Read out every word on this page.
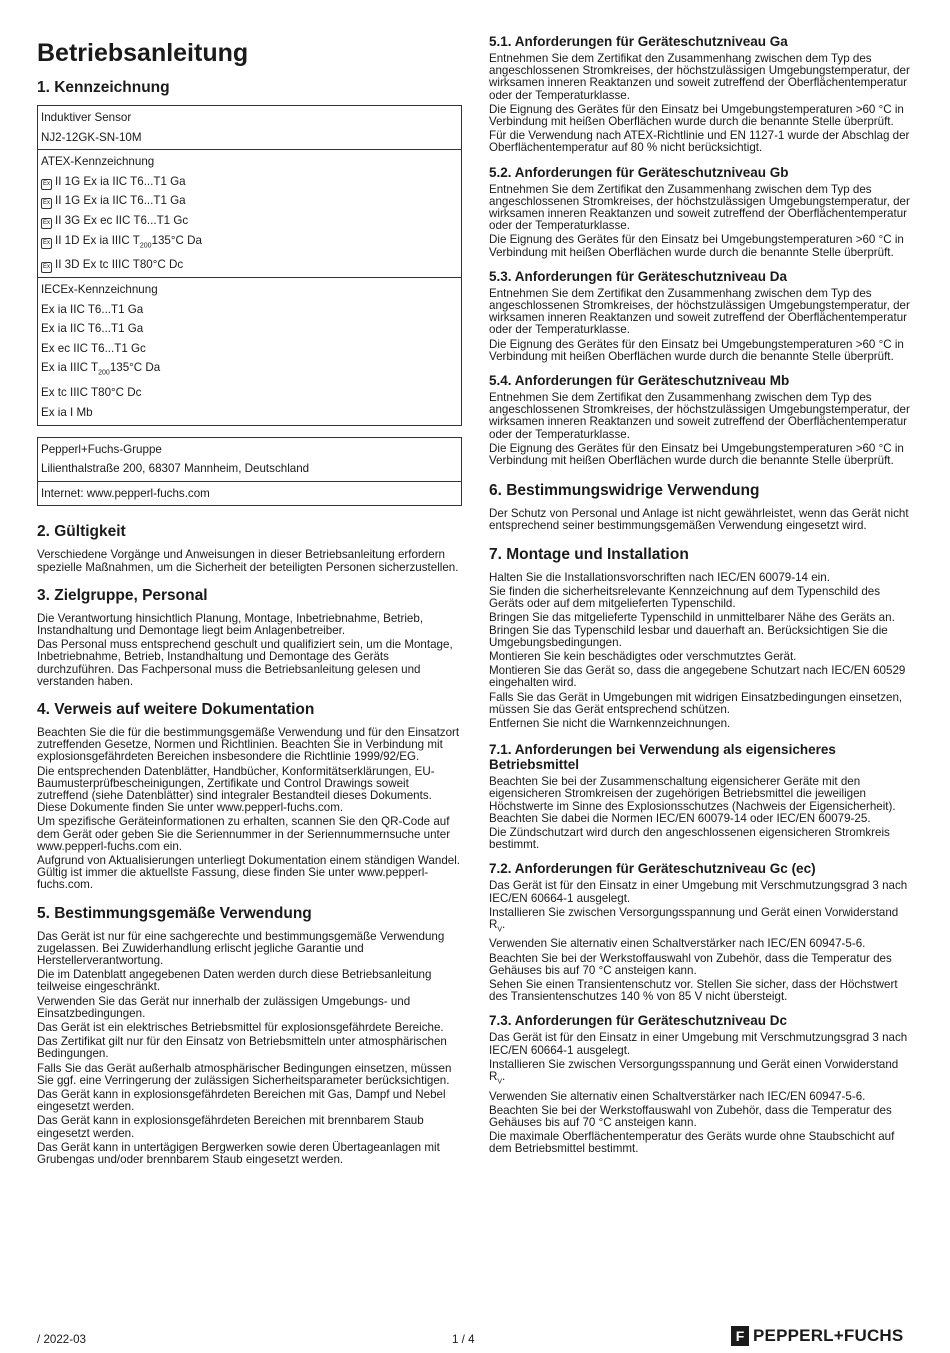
Betriebsanleitung
1. Kennzeichnung
Induktiver Sensor
NJ2-12GK-SN-10M
ATEX-Kennzeichnung
Ex II 1G Ex ia IIC T6...T1 Ga
Ex II 1G Ex ia IIC T6...T1 Ga
Ex II 3G Ex ec IIC T6...T1 Gc
Ex II 1D Ex ia IIIC $T_{200}135^\circ C$ Da
Ex II 3D Ex tc IIIC T80°C Dc
IECEx-Kennzeichnung
Ex ia IIC T6...T1 Ga
Ex ia IIC T6...T1 Ga
Ex ec IIC T6...T1 Gc
Ex ia IIIC $T_{200}135^\circ C$ Da
Ex tc IIIC T80°C Dc
Ex ia I Mb
Pepperl+Fuchs-Gruppe
Lilienthalstraße 200, 68307 Mannheim, Deutschland
Internet: www.pepperl-fuchs.com
2. Gültigkeit

Verschiedene Vorgänge und Anweisungen in dieser Betriebsanleitung erfordern spezielle Maßnahmen, um die Sicherheit der beteiligten Personen sicherzustellen.

3. Zielgruppe, Personal

Die Verantwortung hinsichtlich Planung, Montage, Inbetriebnahme, Betrieb, Instandhaltung und Demontage liegt beim Anlagenbetreiber.

Das Personal muss entsprechend geschult und qualifiziert sein, um die Montage, Inbetriebnahme, Betrieb, Instandhaltung und Demontage des Geräts durchzuführen. Das Fachpersonal muss die Betriebsanleitung gelesen und verstanden haben.

4. Verweis auf weitere Dokumentation

Beachten Sie die für die bestimmungsgemäße Verwendung und für den Einsatzort zutreffenden Gesetze, Normen und Richtlinien. Beachten Sie in Verbindung mit explosionsgefährdeten Bereichen insbesondere die Richtlinie 1999/92/EG.

Die entsprechenden Datenblätter, Handbücher, Konformitätserklärungen, EU-Baumusterprüfbescheinigungen, Zertifikate und Control Drawings soweit zutreffend (siehe Datenblätter) sind integraler Bestandteil dieses Dokuments. Diese Dokumente finden Sie unter www.pepperl-fuchs.com.

Um spezifische Geräteinformationen zu erhalten, scannen Sie den QR-Code auf dem Gerät oder geben Sie die Seriennummer in der Seriennummernsuche unter www.pepperl-fuchs.com ein.

Aufgrund von Aktualisierungen unterliegt Dokumentation einem ständigen Wandel. Gültig ist immer die aktuellste Fassung, diese finden Sie unter www.pepperl-fuchs.com.

5. Bestimmungsgemäße Verwendung

Das Gerät ist nur für eine sachgerechte und bestimmungsgemäße Verwendung zugelassen. Bei Zuwiderhandlung erlischt jegliche Garantie und Herstellerverantwortung.

Die im Datenblatt angegebenen Daten werden durch diese Betriebsanleitung teilweise eingeschränkt.

Verwenden Sie das Gerät nur innerhalb der zulässigen Umgebungs- und Einsatzbedingungen.

Das Gerät ist ein elektrisches Betriebsmittel für explosionsgefährdete Bereiche.

Das Zertifikat gilt nur für den Einsatz von Betriebsmitteln unter atmosphärischen Bedingungen.

Falls Sie das Gerät außerhalb atmosphärischer Bedingungen einsetzen, müssen Sie ggf. eine Verringerung der zulässigen Sicherheitsparameter berücksichtigen.

Das Gerät kann in explosionsgefährdeten Bereichen mit Gas, Dampf und Nebel eingesetzt werden.

Das Gerät kann in explosionsgefährdeten Bereichen mit brennbarem Staub eingesetzt werden.

Das Gerät kann in untertägigen Bergwerken sowie deren Übertageanlagen mit Grubengas und/oder brennbarem Staub eingesetzt werden.

5.1. Anforderungen für Geräteschutzniveau Ga

Entnehmen Sie dem Zertifikat den Zusammenhang zwischen dem Typ des angeschlossenen Stromkreises, der höchstzulässigen Umgebungstemperatur, der wirksamen inneren Reaktanzen und soweit zutreffend der Oberflächentemperatur oder der Temperaturklasse.

Die Eignung des Gerätes für den Einsatz bei Umgebungstemperaturen >60 °C in Verbindung mit heißen Oberflächen wurde durch die benannte Stelle überprüft.

Für die Verwendung nach ATEX-Richtlinie und EN 1127-1 wurde der Abschlag der Oberflächentemperatur auf 80 % nicht berücksichtigt.

5.2. Anforderungen für Geräteschutzniveau Gb

Entnehmen Sie dem Zertifikat den Zusammenhang zwischen dem Typ des angeschlossenen Stromkreises, der höchstzulässigen Umgebungstemperatur, der wirksamen inneren Reaktanzen und soweit zutreffend der Oberflächentemperatur oder der Temperaturklasse.

Die Eignung des Gerätes für den Einsatz bei Umgebungstemperaturen >60 °C in Verbindung mit heißen Oberflächen wurde durch die benannte Stelle überprüft.

5.3. Anforderungen für Geräteschutzniveau Da

Entnehmen Sie dem Zertifikat den Zusammenhang zwischen dem Typ des angeschlossenen Stromkreises, der höchstzulässigen Umgebungstemperatur, der wirksamen inneren Reaktanzen und soweit zutreffend der Oberflächentemperatur oder der Temperaturklasse.

Die Eignung des Gerätes für den Einsatz bei Umgebungstemperaturen >60 °C in Verbindung mit heißen Oberflächen wurde durch die benannte Stelle überprüft.

5.4. Anforderungen für Geräteschutzniveau Mb

Entnehmen Sie dem Zertifikat den Zusammenhang zwischen dem Typ des angeschlossenen Stromkreises, der höchstzulässigen Umgebungstemperatur, der wirksamen inneren Reaktanzen und soweit zutreffend der Oberflächentemperatur oder der Temperaturklasse.

Die Eignung des Gerätes für den Einsatz bei Umgebungstemperaturen >60 °C in Verbindung mit heißen Oberflächen wurde durch die benannte Stelle überprüft.

6. Bestimmungswidrige Verwendung

Der Schutz von Personal und Anlage ist nicht gewährleistet, wenn das Gerät nicht entsprechend seiner bestimmungsgemäßen Verwendung eingesetzt wird.

7. Montage und Installation

Halten Sie die Installationsvorschriften nach IEC/EN 60079-14 ein.

Sie finden die sicherheitsrelevante Kennzeichnung auf dem Typenschild des Geräts oder auf dem mitgelieferten Typenschild.

Bringen Sie das mitgelieferte Typenschild in unmittelbarer Nähe des Geräts an. Bringen Sie das Typenschild lesbar und dauerhaft an. Berücksichtigen Sie die Umgebungsbedingungen.

Montieren Sie kein beschädigtes oder verschmutztes Gerät.

Montieren Sie das Gerät so, dass die angegebene Schutzart nach IEC/EN 60529 eingehalten wird.

Falls Sie das Gerät in Umgebungen mit widrigen Einsatzbedingungen einsetzen, müssen Sie das Gerät entsprechend schützen.

Entfernen Sie nicht die Warnkennzeichnungen.

7.1. Anforderungen bei Verwendung als eigensicheres Betriebsmittel

Beachten Sie bei der Zusammenschaltung eigensicherer Geräte mit den eigensicheren Stromkreisen der zugehörigen Betriebsmittel die jeweiligen Höchstwerte im Sinne des Explosionsschutzes (Nachweis der Eigensicherheit). Beachten Sie dabei die Normen IEC/EN 60079-14 oder IEC/EN 60079-25.

Die Zündschutzart wird durch den angeschlossenen eigensicheren Stromkreis bestimmt.

7.2. Anforderungen für Geräteschutzniveau Gc (ec)

Das Gerät ist für den Einsatz in einer Umgebung mit Verschmutzungsgrad 3 nach IEC/EN 60664-1 ausgelegt.

Installieren Sie zwischen Versorgungsspannung und Gerät einen Vorwiderstand $R_V$.

Verwenden Sie alternativ einen Schaltverstärker nach IEC/EN 60947-5-6.

Beachten Sie bei der Werkstoffauswahl von Zubehör, dass die Temperatur des Gehäuses bis auf 70 °C ansteigen kann.

Sehen Sie einen Transientenschutz vor. Stellen Sie sicher, dass der Höchstwert des Transientenschutzes 140 % von 85 V nicht übersteigt.

7.3. Anforderungen für Geräteschutzniveau Dc

Das Gerät ist für den Einsatz in einer Umgebung mit Verschmutzungsgrad 3 nach IEC/EN 60664-1 ausgelegt.

Installieren Sie zwischen Versorgungsspannung und Gerät einen Vorwiderstand $R_V$.

Verwenden Sie alternativ einen Schaltverstärker nach IEC/EN 60947-5-6.

Beachten Sie bei der Werkstoffauswahl von Zubehör, dass die Temperatur des Gehäuses bis auf 70 °C ansteigen kann.

Die maximale Oberflächentemperatur des Geräts wurde ohne Staubschicht auf dem Betriebsmittel bestimmt.

/ 2022-03	1 / 4	F PEPPERL+FUCHS
